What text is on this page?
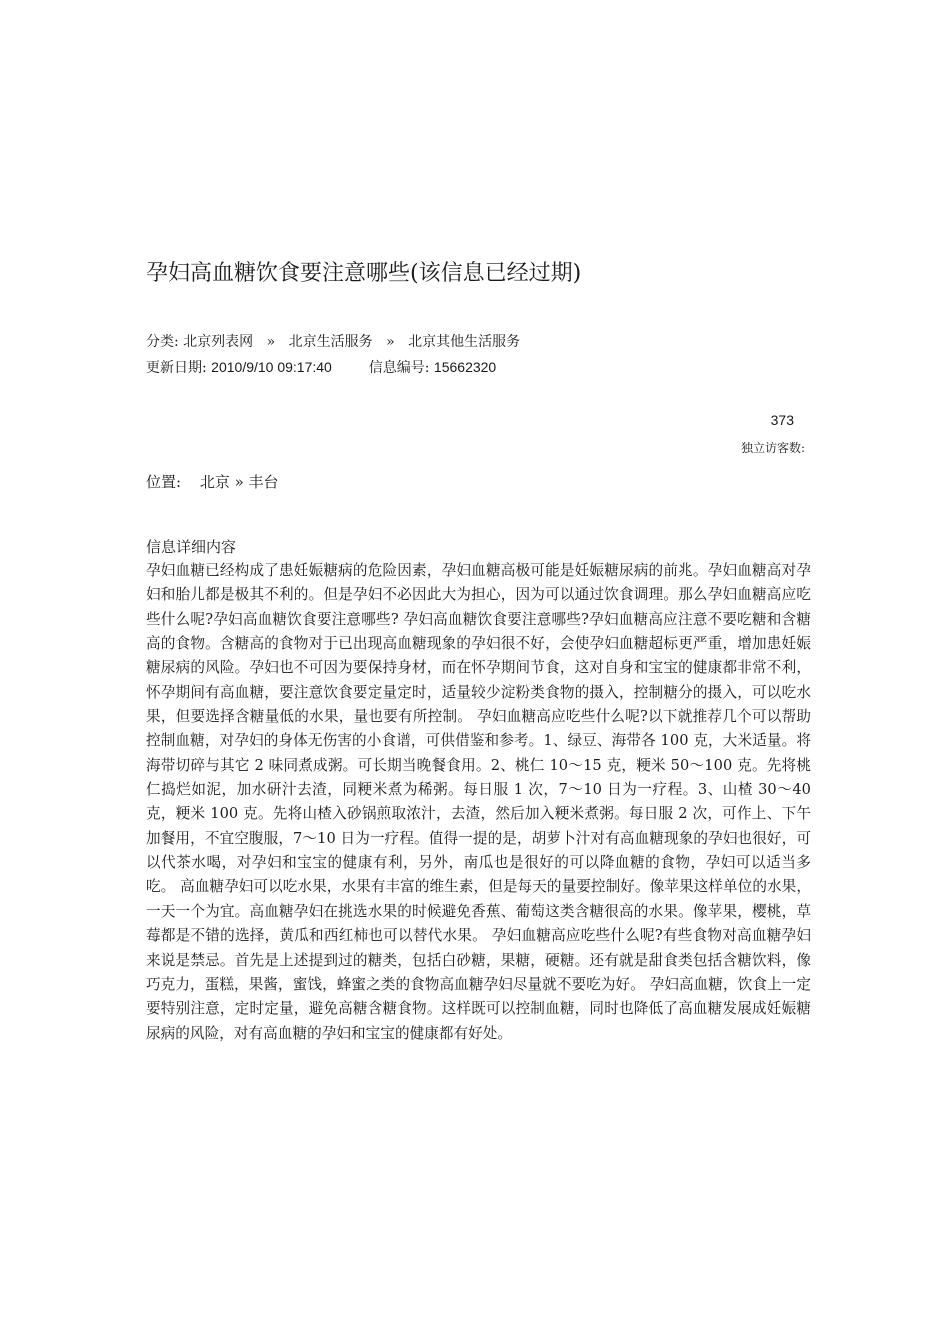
孕妇高血糖饮食要注意哪些(该信息已经过期)
分类: 北京列表网 » 北京生活服务 » 北京其他生活服务
更新日期: 2010/9/10 09:17:40	信息编号: 15662320
373
独立访客数:
位置: 北京 » 丰台
信息详细内容
孕妇血糖已经构成了患妊娠糖病的危险因素，孕妇血糖高极可能是妊娠糖尿病的前兆。孕妇血糖高对孕妇和胎儿都是极其不利的。但是孕妇不必因此大为担心，因为可以通过饮食调理。那么孕妇血糖高应吃些什么呢?孕妇高血糖饮食要注意哪些? 孕妇高血糖饮食要注意哪些?孕妇血糖高应注意不要吃糖和含糖高的食物。含糖高的食物对于已出现高血糖现象的孕妇很不好，会使孕妇血糖超标更严重，增加患妊娠糖尿病的风险。孕妇也不可因为要保持身材，而在怀孕期间节食，这对自身和宝宝的健康都非常不利，怀孕期间有高血糖，要注意饮食要定量定时，适量较少淀粉类食物的摄入，控制糖分的摄入，可以吃水果，但要选择含糖量低的水果，量也要有所控制。 孕妇血糖高应吃些什么呢?以下就推荐几个可以帮助控制血糖，对孕妇的身体无伤害的小食谱，可供借鉴和参考。1、绿豆、海带各 100 克，大米适量。将海带切碎与其它 2 味同煮成粥。可长期当晚餐食用。2、桃仁 10～15 克，粳米 50～100 克。先将桃仁捣烂如泥，加水研汁去渣，同粳米煮为稀粥。每日服 1 次，7～10 日为一疗程。3、山楂 30～40 克，粳米 100 克。先将山楂入砂锅煎取浓汁，去渣，然后加入粳米煮粥。每日服 2 次，可作上、下午加餐用，不宜空腹服，7～10 日为一疗程。值得一提的是，胡萝卜汁对有高血糖现象的孕妇也很好，可以代茶水喝，对孕妇和宝宝的健康有利，另外，南瓜也是很好的可以降血糖的食物，孕妇可以适当多吃。 高血糖孕妇可以吃水果，水果有丰富的维生素，但是每天的量要控制好。像苹果这样单位的水果，一天一个为宜。高血糖孕妇在挑选水果的时候避免香蕉、葡萄这类含糖很高的水果。像苹果，樱桃，草莓都是不错的选择，黄瓜和西红柿也可以替代水果。 孕妇血糖高应吃些什么呢?有些食物对高血糖孕妇来说是禁忌。首先是上述提到过的糖类，包括白砂糖，果糖，硬糖。还有就是甜食类包括含糖饮料，像巧克力，蛋糕，果酱，蜜饯，蜂蜜之类的食物高血糖孕妇尽量就不要吃为好。 孕妇高血糖，饮食上一定要特别注意，定时定量，避免高糖含糖食物。这样既可以控制血糖，同时也降低了高血糖发展成妊娠糖尿病的风险，对有高血糖的孕妇和宝宝的健康都有好处。
